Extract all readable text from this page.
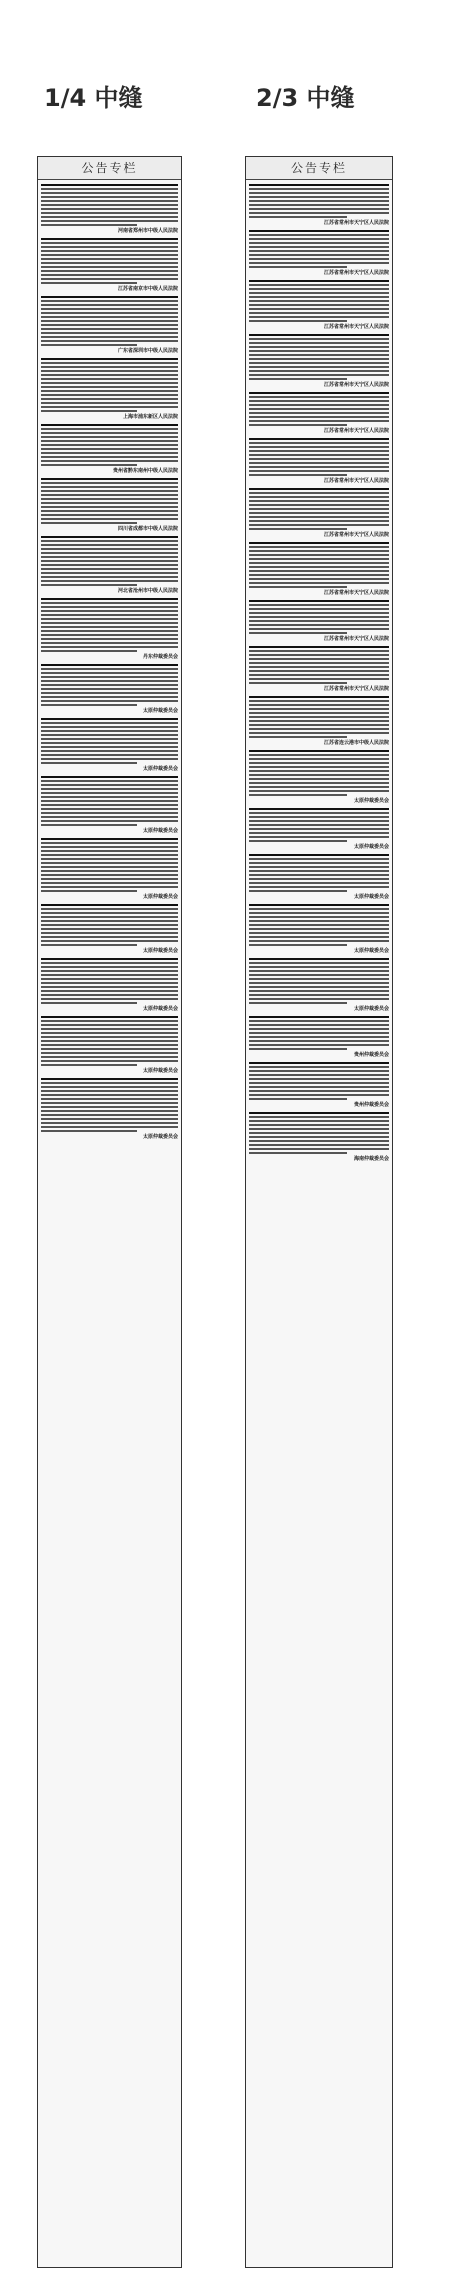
1/4 中缝	2/3 中缝
公告专栏
河南省郑州市中级人民法院
江苏省南京市中级人民法院
广东省深圳市中级人民法院
上海市浦东新区人民法院
贵州省黔东南州中级人民法院
四川省成都市中级人民法院
河北省沧州市中级人民法院
丹东仲裁委员会
太原仲裁委员会
太原仲裁委员会
太原仲裁委员会
太原仲裁委员会
太原仲裁委员会
太原仲裁委员会
太原仲裁委员会
太原仲裁委员会
公告专栏
江苏省常州市天宁区人民法院
江苏省常州市天宁区人民法院
江苏省常州市天宁区人民法院
江苏省常州市天宁区人民法院
江苏省常州市天宁区人民法院
江苏省常州市天宁区人民法院
江苏省常州市天宁区人民法院
江苏省常州市天宁区人民法院
江苏省常州市天宁区人民法院
江苏省常州市天宁区人民法院
江苏省连云港市中级人民法院
太原仲裁委员会
太原仲裁委员会
太原仲裁委员会
太原仲裁委员会
太原仲裁委员会
贵州仲裁委员会
贵州仲裁委员会
海南仲裁委员会
